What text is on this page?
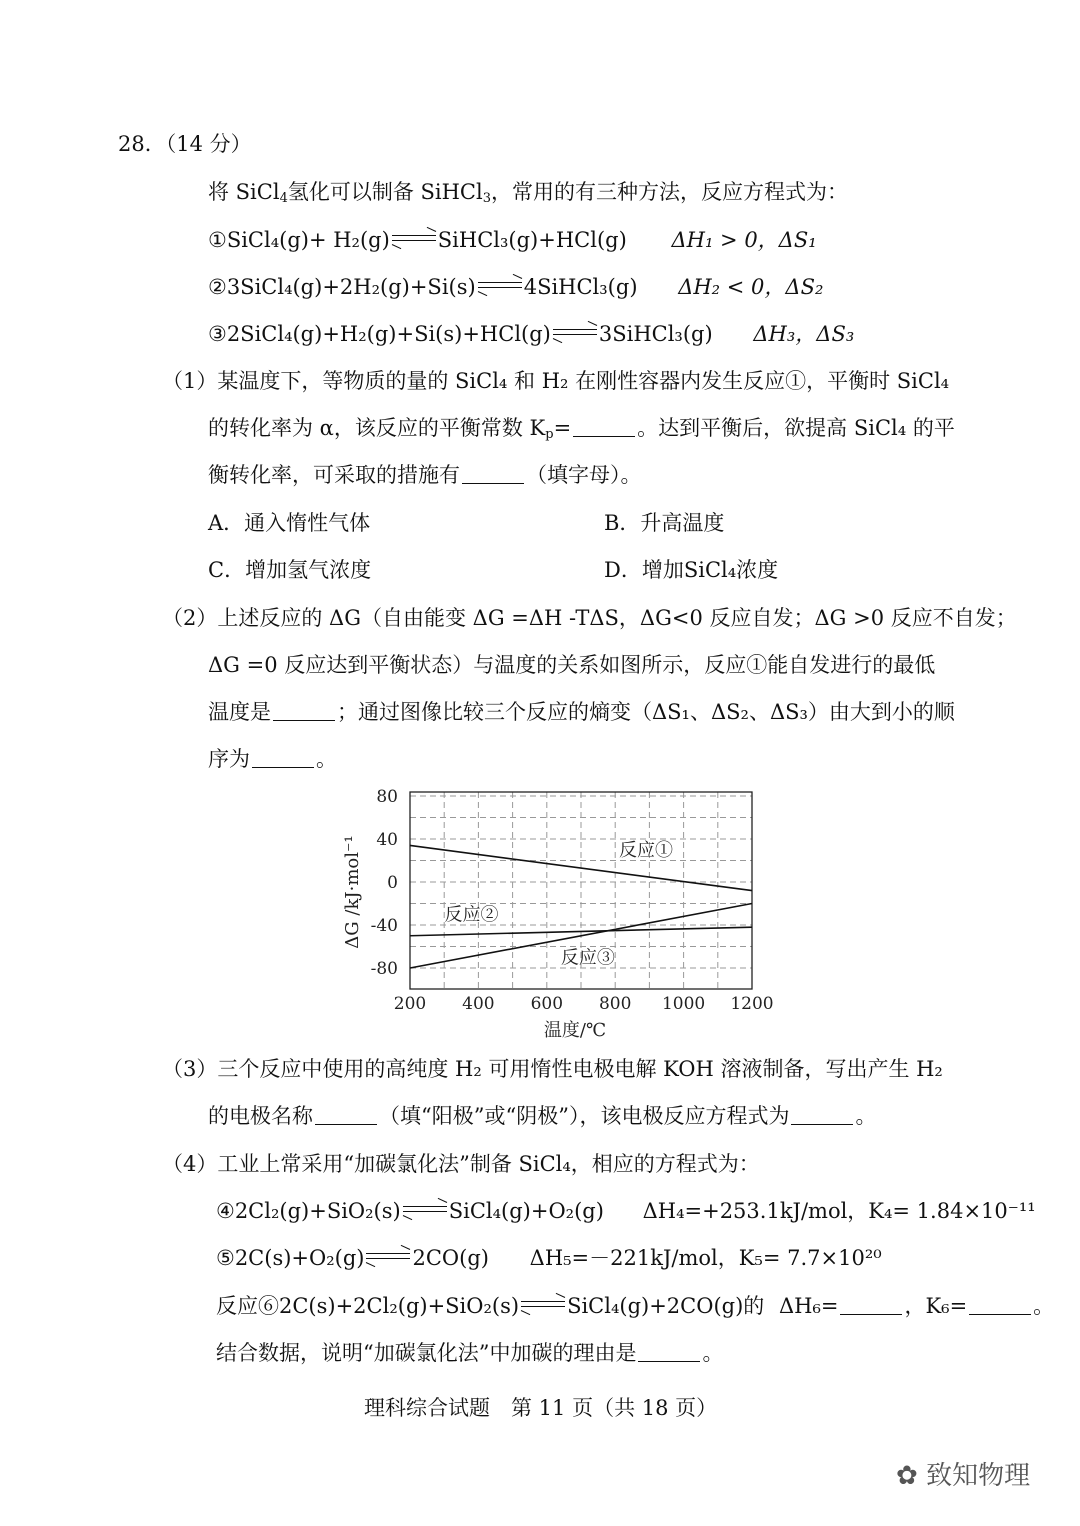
28．（14 分）
将 SiCl$_4$氢化可以制备 SiHCl$_3$，常用的有三种方法，反应方程式为：
①SiCl₄(g)+ H₂(g) SiHCl₃(g)+HCl(g) ΔH₁ > 0，ΔS₁
②3SiCl₄(g)+2H₂(g)+Si(s) 4SiHCl₃(g) ΔH₂ < 0，ΔS₂
③2SiCl₄(g)+H₂(g)+Si(s)+HCl(g) 3SiHCl₃(g) ΔH₃，ΔS₃
（1）某温度下，等物质的量的 SiCl₄ 和 H₂ 在刚性容器内发生反应①，平衡时 SiCl₄
的转化率为 α，该反应的平衡常数 $K_p=$	。达到平衡后，欲提高 SiCl₄ 的平
衡转化率，可采取的措施有	（填字母）。
A．通入惰性气体	B．升高温度
C．增加氢气浓度	D．增加SiCl₄浓度
（2）上述反应的 ΔG（自由能变 ΔG =ΔH -TΔS，ΔG<0 反应自发；ΔG >0 反应不自发；
ΔG =0 反应达到平衡状态）与温度的关系如图所示，反应①能自发进行的最低
温度是	；通过图像比较三个反应的熵变（ΔS₁、ΔS₂、ΔS₃）由大到小的顺
序为	。
反应①
反应②
反应③
80
40
0
-40
-80
200 400 600 800 1000 1200
ΔG /kJ·mol⁻¹
温度/℃
（3）三个反应中使用的高纯度 H₂ 可用惰性电极电解 KOH 溶液制备，写出产生 H₂
的电极名称	（填“阳极”或“阴极”），该电极反应方程式为	。
（4）工业上常采用“加碳氯化法”制备 SiCl₄，相应的方程式为：
④2Cl₂(g)+SiO₂(s) SiCl₄(g)+O₂(g) ΔH₄=+253.1kJ/mol，K₄= 1.84×10⁻¹¹
⑤2C(s)+O₂(g) 2CO(g) ΔH₅=－221kJ/mol，K₅= 7.7×10²⁰
反应⑥2C(s)+2Cl₂(g)+SiO₂(s) SiCl₄(g)+2CO(g)的 ΔH₆=	，K₆=	。
结合数据，说明“加碳氯化法”中加碳的理由是	。
理科综合试题　第 11 页（共 18 页）
✿ 致知物理
